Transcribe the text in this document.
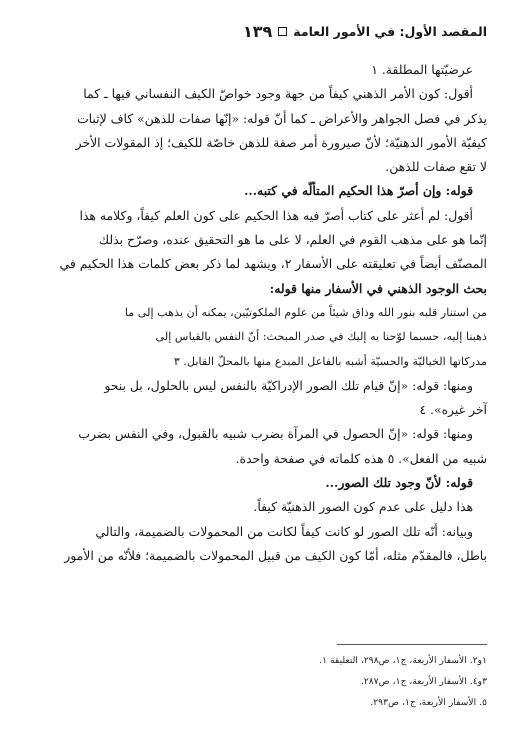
المقصد الأول: في الأمور العامة
١٣٩

عرضيّتها المطلقة. ١

أقول: كون الأمر الذهني كيفاً من جهة وجود خواصّ الكيف النفساني فيها ـ كما

يذكر في فصل الجواهر والأعراض ـ كما أنّ قوله: «إنّها صفات للذهن» كاف لإثبات

كيفيّة الأمور الذهنيّة؛ لأنّ صيرورة أمر صفة للذهن خاصّة للكيف؛ إذ المقولات الأخر

لا تقع صفات للذهن.

قوله: وإن أصرّ هذا الحكيم المتألّه في كتبه...

أقول: لم أعثر على كتاب أصرّ فيه هذا الحكيم على كون العلم كيفاً، وكلامه هذا

إنّما هو على مذهب القوم في العلم، لا على ما هو التحقيق عنده، وصرّح بذلك

المصنّف أيضاً في تعليقته على الأسفار ٢، ويشهد لما ذكر بعض كلمات هذا الحكيم في

بحث الوجود الذهني في الأسفار منها قوله:

من استنار قلبه بنور الله وذاق شيئاً من علوم الملكوتيّين، يمكنه أن يذهب إلى ما

ذهبنا إليه، حسبما لوّحنا به إليك في صدر المبحث: أنّ النفس بالقياس إلى

مدركاتها الخياليّة والحسيّة أشبه بالفاعل المبدع منها بالمحلّ القابل. ٣

ومنها: قوله: «إنّ قيام تلك الصور الإدراكيّة بالنفس ليس بالحلول، بل بنحو

آخر غيره». ٤

ومنها: قوله: «إنّ الحصول في المرآة بضرب شبيه بالقبول، وفي النفس بضرب

شبيه من الفعل». ٥ هذه كلماته في صفحة واحدة.

قوله: لأنّ وجود تلك الصور...

هذا دليل على عدم كون الصور الذهنيّة كيفاً.

وبيانه: أنّه تلك الصور لو كانت كيفاً لكانت من المحمولات بالضميمة، والتالي

باطل، فالمقدّم مثله، أمّا كون الكيف من قبيل المحمولات بالضميمة؛ فلأنّه من الأمور

١و٢. الأسفار الأربعة، ج١، ص٢٩٨، التعليقة ١.

٣و٤. الأسفار الأربعة، ج١، ص٢٨٧.

٥. الأسفار الأربعة، ج١، ص٢٩٣.
